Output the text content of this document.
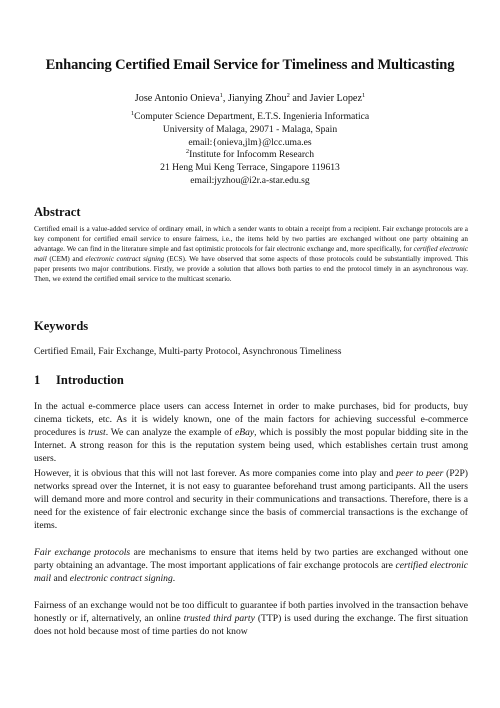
Enhancing Certified Email Service for Timeliness and Multicasting
Jose Antonio Onieva$^1$, Jianying Zhou$^2$ and Javier Lopez$^1$
$^1$Computer Science Department, E.T.S. Ingenieria Informatica
University of Malaga, 29071 - Malaga, Spain
email:{onieva,jlm}@lcc.uma.es
$^2$Institute for Infocomm Research
21 Heng Mui Keng Terrace, Singapore 119613
email:jyzhou@i2r.a-star.edu.sg
Abstract
Certified email is a value-added service of ordinary email, in which a sender wants to obtain a receipt from a recipient. Fair exchange protocols are a key component for certified email service to ensure fairness, i.e., the items held by two parties are exchanged without one party obtaining an advantage. We can find in the literature simple and fast optimistic protocols for fair electronic exchange and, more specifically, for certified electronic mail (CEM) and electronic contract signing (ECS). We have observed that some aspects of those protocols could be substantially improved. This paper presents two major contributions. Firstly, we provide a solution that allows both parties to end the protocol timely in an asynchronous way. Then, we extend the certified email service to the multicast scenario.
Keywords
Certified Email, Fair Exchange, Multi-party Protocol, Asynchronous Timeliness
1 Introduction
In the actual e-commerce place users can access Internet in order to make purchases, bid for products, buy cinema tickets, etc. As it is widely known, one of the main factors for achieving successful e-commerce procedures is trust. We can analyze the example of eBay, which is possibly the most popular bidding site in the Internet. A strong reason for this is the reputation system being used, which establishes certain trust among users.
However, it is obvious that this will not last forever. As more companies come into play and peer to peer (P2P) networks spread over the Internet, it is not easy to guarantee beforehand trust among participants. All the users will demand more and more control and security in their communications and transactions. Therefore, there is a need for the existence of fair electronic exchange since the basis of commercial transactions is the exchange of items.
Fair exchange protocols are mechanisms to ensure that items held by two parties are exchanged without one party obtaining an advantage. The most important applications of fair exchange protocols are certified electronic mail and electronic contract signing.
Fairness of an exchange would not be too difficult to guarantee if both parties involved in the transaction behave honestly or if, alternatively, an online trusted third party (TTP) is used during the exchange. The first situation does not hold because most of time parties do not know
